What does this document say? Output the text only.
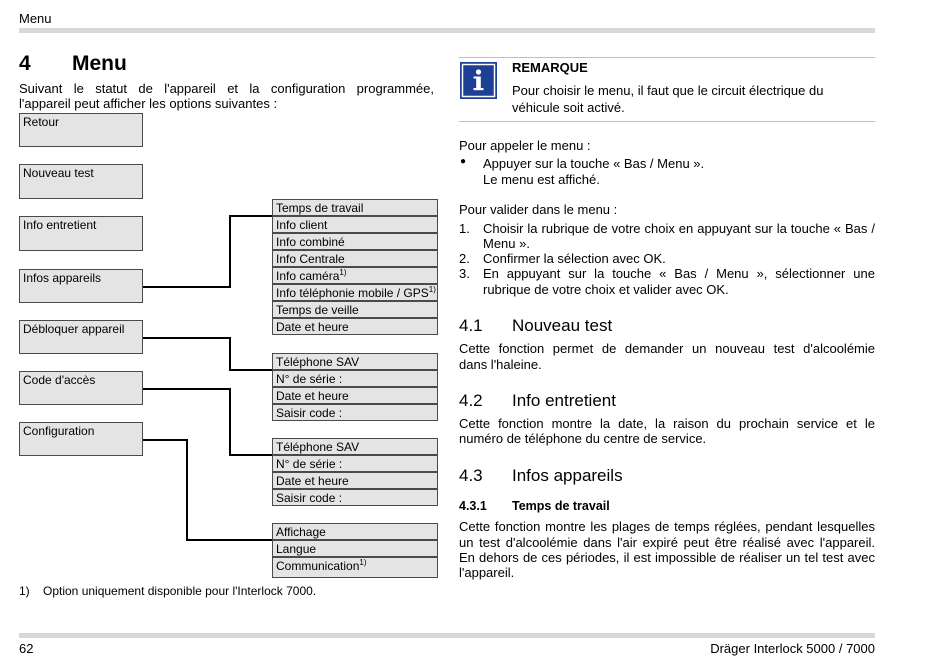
Menu
4 Menu
Suivant le statut de l'appareil et la configuration programmée,
l'appareil peut afficher les options suivantes :
Retour
Nouveau test
Info entretient
Infos appareils
Débloquer appareil
Code d'accès
Configuration
Temps de travail
Info client
Info combiné
Info Centrale
Info caméra$^{1)}$
Info téléphonie mobile / GPS$^{1)}$
Temps de veille
Date et heure
Téléphone SAV
N° de série :
Date et heure
Saisir code :
Téléphone SAV
N° de série :
Date et heure
Saisir code :
Affichage
Langue
Communication$^{1)}$
1) Option uniquement disponible pour l'Interlock 7000.
REMARQUE
Pour choisir le menu, il faut que le circuit électrique du
véhicule soit activé.
Pour appeler le menu :
● Appuyer sur la touche « Bas / Menu ».
Le menu est affiché.
Pour valider dans le menu :
1. Choisir la rubrique de votre choix en appuyant sur la touche « Bas /
Menu ».
2. Confirmer la sélection avec OK.
3. En appuyant sur la touche « Bas / Menu », sélectionner une
rubrique de votre choix et valider avec OK.
4.1 Nouveau test
Cette fonction permet de demander un nouveau test d'alcoolémie
dans l'haleine.
4.2 Info entretient
Cette fonction montre la date, la raison du prochain service et le
numéro de téléphone du centre de service.
4.3 Infos appareils
4.3.1 Temps de travail
Cette fonction montre les plages de temps réglées, pendant lesquelles
un test d'alcoolémie dans l'air expiré peut être réalisé avec l'appareil.
En dehors de ces périodes, il est impossible de réaliser un tel test avec
l'appareil.
62	Dräger Interlock 5000 / 7000
